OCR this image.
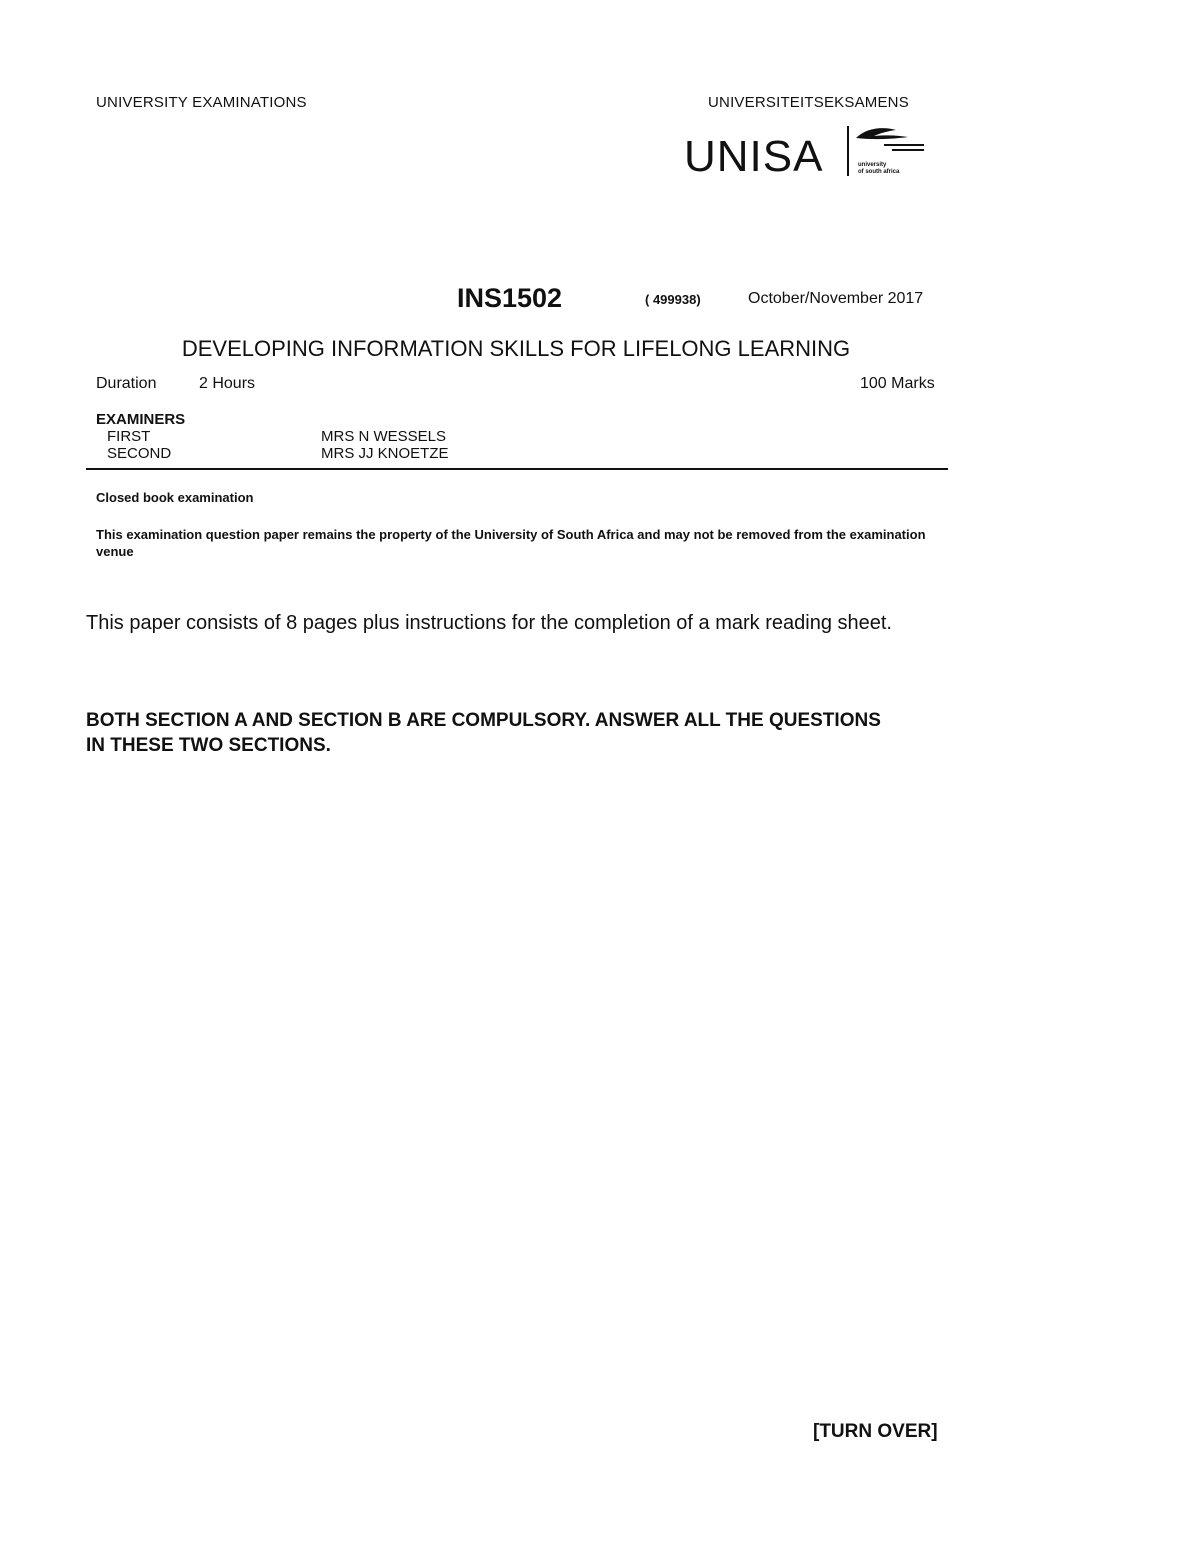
UNIVERSITY EXAMINATIONS	UNIVERSITEITSEKSAMENS
UNISA	university
of south africa
INS1502	( 499938)	October/November 2017
DEVELOPING INFORMATION SKILLS FOR LIFELONG LEARNING
Duration	2 Hours	100 Marks
EXAMINERS
FIRST	MRS N WESSELS
SECOND	MRS JJ KNOETZE
Closed book examination
This examination question paper remains the property of the University of South Africa and may not be removed from the examination venue
This paper consists of 8 pages plus instructions for the completion of a mark reading sheet.
BOTH SECTION A AND SECTION B ARE COMPULSORY. ANSWER ALL THE QUESTIONS IN THESE TWO SECTIONS.
[TURN OVER]
